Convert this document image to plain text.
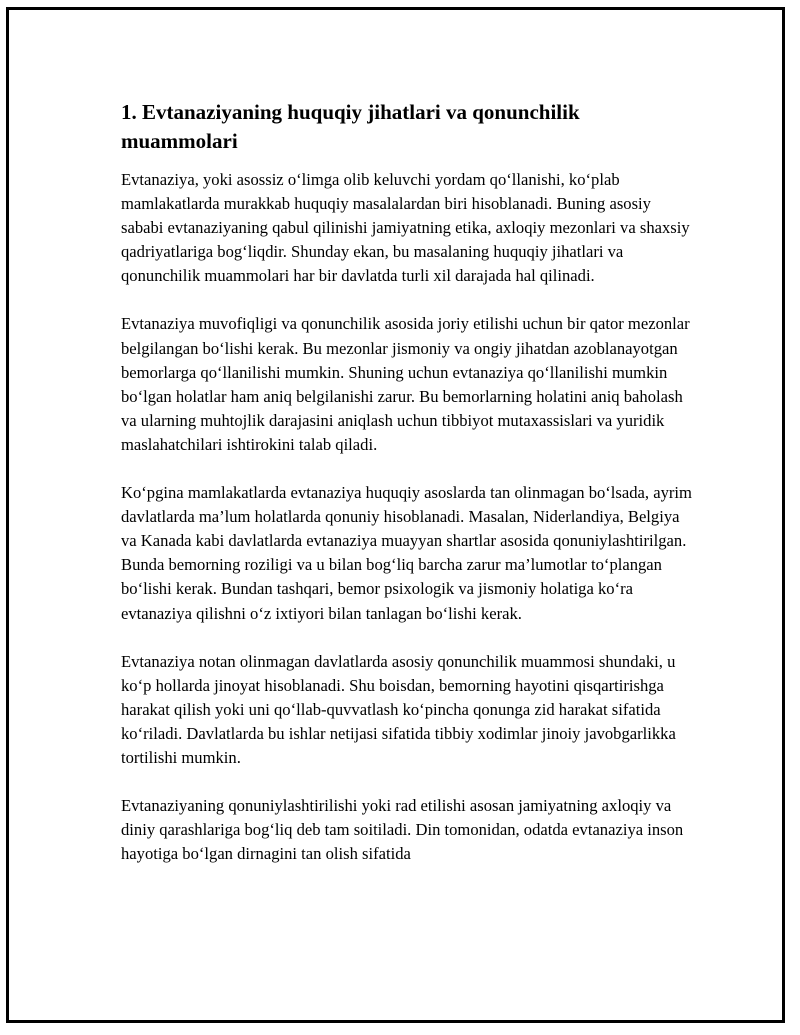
1. Evtanaziyaning huquqiy jihatlari va qonunchilik muammolari

Evtanaziya, yoki asossiz o‘limga olib keluvchi yordam qo‘llanishi, ko‘plab mamlakatlarda murakkab huquqiy masalalardan biri hisoblanadi. Buning asosiy sababi evtanaziyaning qabul qilinishi jamiyatning etika, axloqiy mezonlari va shaxsiy qadriyatlariga bog‘liqdir. Shunday ekan, bu masalaning huquqiy jihatlari va qonunchilik muammolari har bir davlatda turli xil darajada hal qilinadi.

Evtanaziya muvofiqligi va qonunchilik asosida joriy etilishi uchun bir qator mezonlar belgilangan bo‘lishi kerak. Bu mezonlar jismoniy va ongiy jihatdan azoblanayotgan bemorlarga qo‘llanilishi mumkin. Shuning uchun evtanaziya qo‘llanilishi mumkin bo‘lgan holatlar ham aniq belgilanishi zarur. Bu bemorlarning holatini aniq baholash va ularning muhtojlik darajasini aniqlash uchun tibbiyot mutaxassislari va yuridik maslahatchilari ishtirokini talab qiladi.

Ko‘pgina mamlakatlarda evtanaziya huquqiy asoslarda tan olinmagan bo‘lsada, ayrim davlatlarda ma’lum holatlarda qonuniy hisoblanadi. Masalan, Niderlandiya, Belgiya va Kanada kabi davlatlarda evtanaziya muayyan shartlar asosida qonuniylashtirilgan. Bunda bemorning roziligi va u bilan bog‘liq barcha zarur ma’lumotlar to‘plangan bo‘lishi kerak. Bundan tashqari, bemor psixologik va jismoniy holatiga ko‘ra evtanaziya qilishni o‘z ixtiyori bilan tanlagan bo‘lishi kerak.

Evtanaziya notan olinmagan davlatlarda asosiy qonunchilik muammosi shundaki, u ko‘p hollarda jinoyat hisoblanadi. Shu boisdan, bemorning hayotini qisqartirishga harakat qilish yoki uni qo‘llab-quvvatlash ko‘pincha qonunga zid harakat sifatida ko‘riladi. Davlatlarda bu ishlar netijasi sifatida tibbiy xodimlar jinoiy javobgarlikka tortilishi mumkin.

Evtanaziyaning qonuniylashtirilishi yoki rad etilishi asosan jamiyatning axloqiy va diniy qarashlariga bog‘liq deb tam soitiladi. Din tomonidan, odatda evtanaziya inson hayotiga bo‘lgan dirnagini tan olish sifatida
